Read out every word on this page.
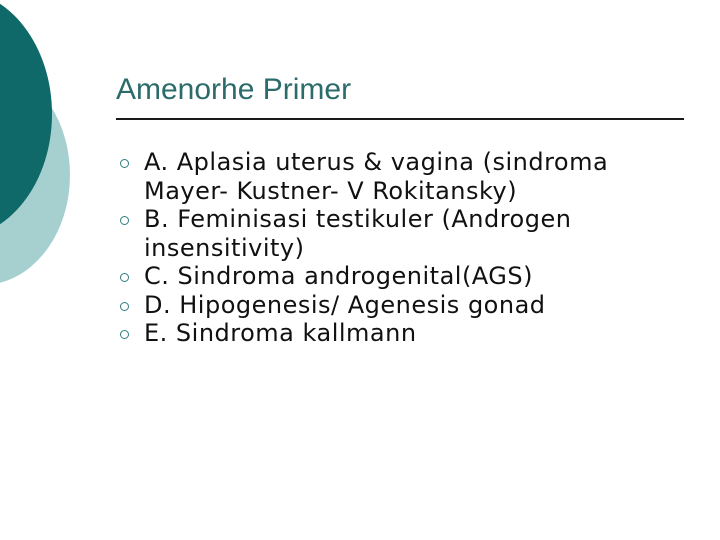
Amenorhe Primer
A. Aplasia uterus & vagina (sindroma Mayer- Kustner- V Rokitansky)
B. Feminisasi testikuler (Androgen insensitivity)
C. Sindroma androgenital(AGS)
D. Hipogenesis/ Agenesis gonad
E. Sindroma kallmann
